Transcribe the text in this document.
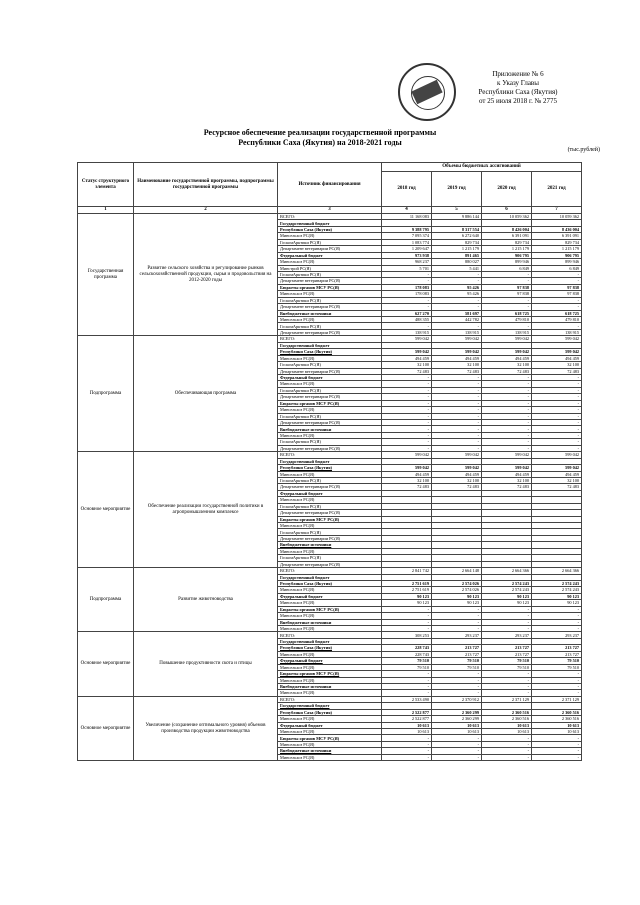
Приложение № 6
к Указу Главы
Республики Саха (Якутия)
от 25 июля 2018 г. № 2775
Ресурсное обеспечение реализации государственной программы
Республики Саха (Якутия) на 2018-2021 годы
(тыс.рублей)
Статус структурного элемента	Наименование государственной программы, подпрограммы государственной программы	Источник финансирования	Объемы бюджетных ассигнований			
			2018 год	2019 год	2020 год	2021 год
1	2	3	4	5	6	7
Государственная программа	Развитие сельского хозяйства и регулирование рынков сельскохозяйственной продукции, сырья и продовольствия на 2012-2020 годы	ВСЕГО:	11 168 083	9 886 144	10 059 362	10 059 362
		Государственный бюджет				
		Республики Саха (Якутия)	9 388 795	8 317 554	8 426 004	8 436 004
		Минсельхоз РС(Я)	7 095 374	6 272 640	6 391 091	6 391 091
		ГоскомАрктики РС(Я)	1 083 774	829 734	829 734	829 734
		Департамент ветеринарии РС(Я)	1 209 647	1 215 179	1 215 179	1 215 179
		Федеральный бюджет	973 938	891 465	906 795	906 795
		Минсельхоз РС(Я)	968 237	880 027	899 946	899 946
		Минстрой РС(Я)	5 701	5 441	6 849	6 849
		ГоскомАрктики РС(Я)	-	-	-	-
		Департамент ветеринарии РС(Я)	-	-	-	-
		Бюджеты органов МСУ РС(Я)	178 083	95 426	97 838	97 838
		Минсельхоз РС(Я)	178 083	95 426	97 838	97 838
		ГоскомАрктики РС(Я)	-	-	-	-
		Департамент ветеринарии РС(Я)	-	-	-	-
		Внебюджетные источники	627 270	581 697	618 725	618 725
		Минсельхоз РС(Я)	488 355	442 782	479 810	479 810
		ГоскомАрктики РС(Я)	-	-	-	-
		Департамент ветеринарии РС(Я)	138 915	138 915	138 915	138 915
Подпрограмма	Обеспечивающая программа	ВСЕГО:	599 042	599 042	599 042	599 042
		Государственный бюджет				
		Республики Саха (Якутия)	599 042	599 042	599 042	599 042
		Минсельхоз РС(Я)	494 459	494 459	494 459	494 459
		ГоскомАрктики РС(Я)	32 100	32 100	32 100	32 100
		Департамент ветеринарии РС(Я)	72 483	72 483	72 483	72 483
		Федеральный бюджет	-	-	-	-
		Минсельхоз РС(Я)	-	-	-	-
		ГоскомАрктики РС(Я)	-	-	-	-
		Департамент ветеринарии РС(Я)	-	-	-	-
		Бюджеты органов МСУ РС(Я)	-	-	-	-
		Минсельхоз РС(Я)	-	-	-	-
		ГоскомАрктики РС(Я)	-	-	-	-
		Департамент ветеринарии РС(Я)	-	-	-	-
		Внебюджетные источники	-	-	-	-
		Минсельхоз РС(Я)	-	-	-	-
		ГоскомАрктики РС(Я)	-	-	-	-
		Департамент ветеринарии РС(Я)	-	-	-	-
Основное мероприятие	Обеспечение реализации государственной политики в агропромышленном комплексе	ВСЕГО:	599 042	599 042	599 042	599 042
		Государственный бюджет				
		Республики Саха (Якутия)	599 042	599 042	599 042	599 042
		Минсельхоз РС(Я)	494 459	494 459	494 459	494 459
		ГоскомАрктики РС(Я)	32 100	32 100	32 100	32 100
		Департамент ветеринарии РС(Я)	72 483	72 483	72 483	72 483
		Федеральный бюджет				
		Минсельхоз РС(Я)				
		ГоскомАрктики РС(Я)				
		Департамент ветеринарии РС(Я)				
		Бюджеты органов МСУ РС(Я)				
		Минсельхоз РС(Я)				
		ГоскомАрктики РС(Я)				
		Департамент ветеринарии РС(Я)				
		Внебюджетные источники				
		Минсельхоз РС(Я)				
		ГоскомАрктики РС(Я)				
		Департамент ветеринарии РС(Я)				
Подпрограмма	Развитие животноводства	ВСЕГО:	2 841 742	2 664 148	2 664 366	2 664 366
		Государственный бюджет				
		Республики Саха (Якутия)	2 751 619	2 574 026	2 574 243	2 574 243
		Минсельхоз РС(Я)	2 751 619	2 574 026	2 574 243	2 574 243
		Федеральный бюджет	90 123	90 123	90 123	90 123
		Минсельхоз РС(Я)	90 123	90 123	90 123	90 123
		Бюджеты органов МСУ РС(Я)	-	-	-	-
		Минсельхоз РС(Я)	-	-	-	-
		Внебюджетные источники	-	-	-	-
		Минсельхоз РС(Я)	-	-	-	-
Основное мероприятие	Повышение продуктивности скота и птицы	ВСЕГО:	308 253	293 237	293 237	293 237
		Государственный бюджет				
		Республики Саха (Якутия)	228 743	213 727	213 727	213 727
		Минсельхоз РС(Я)	228 743	213 727	213 727	213 727
		Федеральный бюджет	79 510	79 510	79 510	79 510
		Минсельхоз РС(Я)	79 510	79 510	79 510	79 510
		Бюджеты органов МСУ РС(Я)	-	-	-	-
		Минсельхоз РС(Я)	-	-	-	-
		Внебюджетные источники	-	-	-	-
		Минсельхоз РС(Я)	-	-	-	-
Основное мероприятие	Увеличение (сохранение оптимального уровня) объемов производства продукции животноводства	ВСЕГО:	2 533 490	2 370 912	2 371 129	2 371 129
		Государственный бюджет				
		Республики Саха (Якутия)	2 522 877	2 360 299	2 360 516	2 360 516
		Минсельхоз РС(Я)	2 522 877	2 360 299	2 360 516	2 360 516
		Федеральный бюджет	10 613	10 613	10 613	10 613
		Минсельхоз РС(Я)	10 613	10 613	10 613	10 613
		Бюджеты органов МСУ РС(Я)	-	-	-	-
		Минсельхоз РС(Я)	-	-	-	-
		Внебюджетные источники	-	-	-	-
		Минсельхоз РС(Я)	-	-	-	-
